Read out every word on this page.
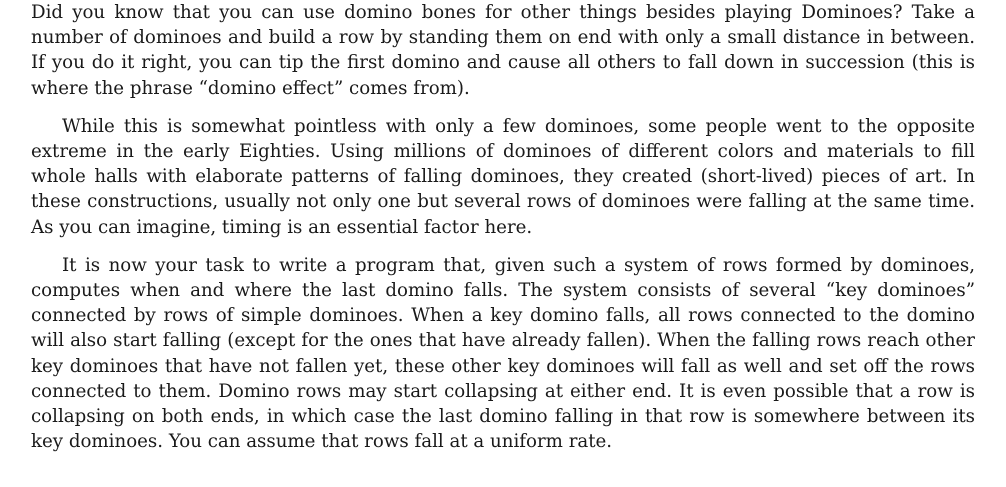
Did you know that you can use domino bones for other things besides playing Dominoes? Take a number of dominoes and build a row by standing them on end with only a small distance in between. If you do it right, you can tip the first domino and cause all others to fall down in succession (this is where the phrase “domino effect” comes from).

While this is somewhat pointless with only a few dominoes, some people went to the opposite extreme in the early Eighties. Using millions of dominoes of different colors and materials to fill whole halls with elaborate patterns of falling dominoes, they created (short-lived) pieces of art. In these constructions, usually not only one but several rows of dominoes were falling at the same time. As you can imagine, timing is an essential factor here.

It is now your task to write a program that, given such a system of rows formed by dominoes, computes when and where the last domino falls. The system consists of several “key dominoes” connected by rows of simple dominoes. When a key domino falls, all rows connected to the domino will also start falling (except for the ones that have already fallen). When the falling rows reach other key dominoes that have not fallen yet, these other key dominoes will fall as well and set off the rows connected to them. Domino rows may start collapsing at either end. It is even possible that a row is collapsing on both ends, in which case the last domino falling in that row is somewhere between its key dominoes. You can assume that rows fall at a uniform rate.
